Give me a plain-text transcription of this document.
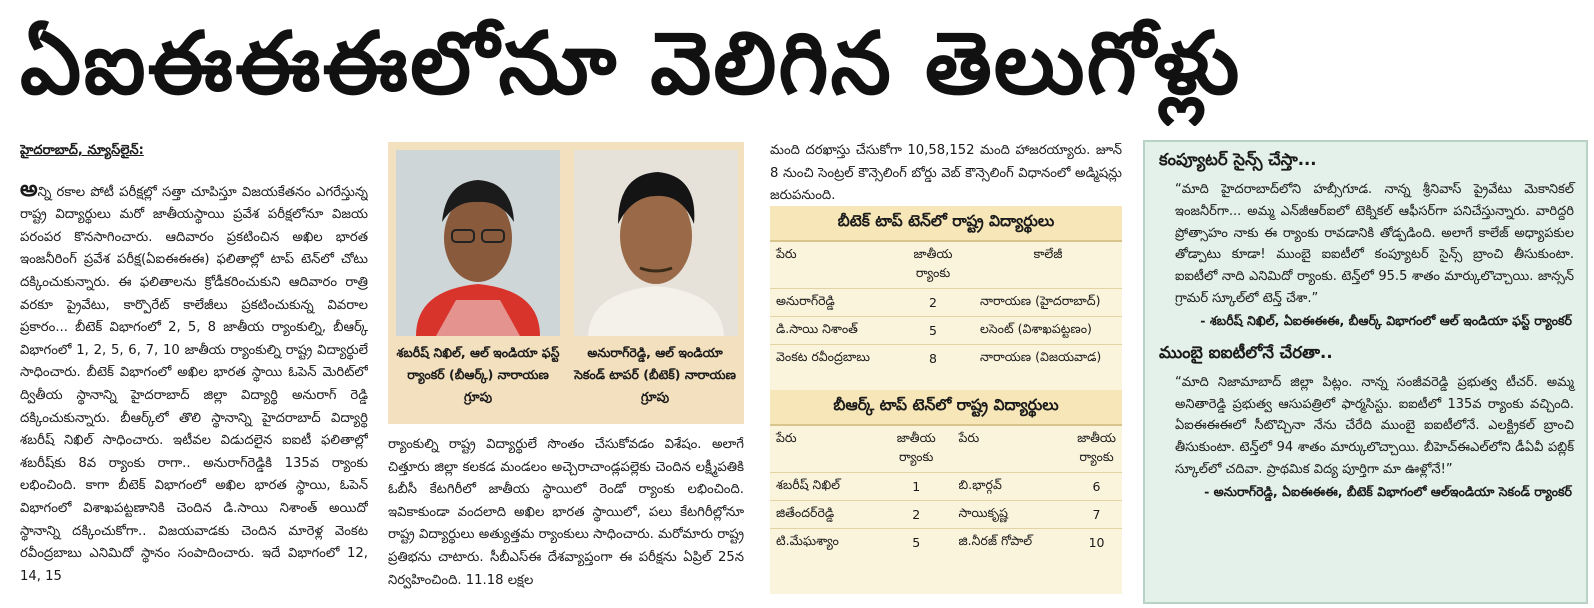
ఏఐఈఈఈలోనూ వెలిగిన తెలుగోళ్లు

హైదరాబాద్, న్యూస్‌లైన్:

అన్ని రకాల పోటీ పరీక్షల్లో సత్తా చూపిస్తూ విజయకేతనం ఎగరేస్తున్న రాష్ట్ర విద్యార్థులు మరో జాతీయస్థాయి ప్రవేశ పరీక్షలోనూ విజయ పరంపర కొనసాగించారు. ఆదివారం ప్రకటించిన అఖిల భారత ఇంజనీరింగ్ ప్రవేశ పరీక్ష(ఏఐఈఈఈ) ఫలితాల్లో టాప్ టెన్‌లో చోటు దక్కించుకున్నారు. ఈ ఫలితాలను క్రోడీకరించుకుని ఆదివారం రాత్రి వరకూ ప్రైవేటు, కార్పొరేట్ కాలేజీలు ప్రకటించుకున్న వివరాల ప్రకారం... బీటెక్ విభాగంలో 2, 5, 8 జాతీయ ర్యాంకుల్ని, బీఆర్క్ విభాగంలో 1, 2, 5, 6, 7, 10 జాతీయ ర్యాంకుల్ని రాష్ట్ర విద్యార్థులే సాధించారు. బీటెక్ విభాగంలో అఖిల భారత స్థాయి ఓపెన్ మెరిట్‌లో ద్వితీయ స్థానాన్ని హైదరాబాద్ జిల్లా విద్యార్థి అనురాగ్ రెడ్డి దక్కించుకున్నారు. బీఆర్క్‌లో తొలి స్థానాన్ని హైదరాబాద్ విద్యార్థి శబరీష్ నిఖిల్ సాధించారు. ఇటీవల విడుదలైన ఐఐటీ ఫలితాల్లో శబరీష్‌కు 8వ ర్యాంకు రాగా.. అనురాగ్‌రెడ్డికి 135వ ర్యాంకు లభించింది. కాగా బీటెక్ విభాగంలో అఖిల భారత స్థాయి, ఓపెన్ విభాగంలో విశాఖపట్టణానికి చెందిన డి.సాయి నిశాంత్ అయిదో స్థానాన్ని దక్కించుకోగా.. విజయవాడకు చెందిన మారెళ్ల వెంకట రవీంద్రబాబు ఎనిమిదో స్థానం సంపాదించారు. ఇదే విభాగంలో 12, 14, 15

శబరీష్ నిఖిల్, ఆల్ ఇండియా ఫస్ట్ ర్యాంకర్ (బీఆర్క్) నారాయణ గ్రూపు
అనురాగ్‌రెడ్డి, ఆల్ ఇండియా సెకండ్ టాపర్ (బీటెక్) నారాయణ గ్రూపు

ర్యాంకుల్ని రాష్ట్ర విద్యార్థులే సొంతం చేసుకోవడం విశేషం. అలాగే చిత్తూరు జిల్లా కలకడ మండలం అచ్చెరాచాండ్లపల్లెకు చెందిన లక్ష్మీపతికి ఓబీసీ కేటగిరీలో జాతీయ స్థాయిలో రెండో ర్యాంకు లభించింది. ఇవికాకుండా వందలాది అఖిల భారత స్థాయిలో, పలు కేటగిరీల్లోనూ రాష్ట్ర విద్యార్థులు అత్యుత్తమ ర్యాంకులు సాధించారు. మరోమారు రాష్ట్ర ప్రతిభను చాటారు. సీబీఎస్ఈ దేశవ్యాప్తంగా ఈ పరీక్షను ఏప్రిల్ 25న నిర్వహించింది. 11.18 లక్షల

మంది దరఖాస్తు చేసుకోగా 10,58,152 మంది హాజరయ్యారు. జూన్ 8 నుంచి సెంట్రల్ కౌన్సెలింగ్ బోర్డు వెబ్ కౌన్సెలింగ్ విధానంలో అడ్మిషన్లు జరుపనుంది.

బీటెక్ టాప్ టెన్‌లో రాష్ట్ర విద్యార్థులు
పేరు	జాతీయ ర్యాంకు	కాలేజీ
అనురాగ్‌రెడ్డి	2	నారాయణ (హైదరాబాద్)
డి.సాయి నిశాంత్	5	లసెంట్ (విశాఖపట్టణం)
వెంకట రవీంద్రబాబు	8	నారాయణ (విజయవాడ)
బీఆర్క్ టాప్ టెన్‌లో రాష్ట్ర విద్యార్థులు
పేరు	జాతీయ ర్యాంకు	పేరు	జాతీయ ర్యాంకు
శబరీష్ నిఖిల్	1	బి.భార్గవ్	6
జితేందర్‌రెడ్డి	2	సాయికృష్ణ	7
టి.మేఘశ్యాం	5	జి.నీరజ్ గోపాల్	10
కంప్యూటర్ సైన్స్ చేస్తా...

“మాది హైదరాబాద్‌లోని హబ్సీగూడ. నాన్న శ్రీనివాస్ ప్రైవేటు మెకానికల్ ఇంజనీర్‌గా... అమ్మ ఎన్‌జీఆర్ఐలో టెక్నికల్ ఆఫీసర్‌గా పనిచేస్తున్నారు. వారిద్దరి ప్రోత్సాహం నాకు ఈ ర్యాంకు రావడానికి తోడ్పడింది. అలాగే కాలేజ్ అధ్యాపకుల తోడ్పాటు కూడా! ముంబై ఐఐటీలో కంప్యూటర్ సైన్స్ బ్రాంచి తీసుకుంటా. ఐఐటీలో నాది ఎనిమిదో ర్యాంకు. టెన్త్‌లో 95.5 శాతం మార్కులొచ్చాయి. జాన్సన్ గ్రామర్ స్కూల్‌లో టెన్త్ చేశా.”

- శబరీష్ నిఖిల్, ఏఐఈఈఈ, బీఆర్క్ విభాగంలో ఆల్ ఇండియా ఫస్ట్ ర్యాంకర్

ముంబై ఐఐటీలోనే చేరతా..

“మాది నిజామాబాద్ జిల్లా పిట్లం. నాన్న సంజీవరెడ్డి ప్రభుత్వ టీచర్. అమ్మ అనితారెడ్డి ప్రభుత్వ ఆసుపత్రిలో ఫార్మసిస్టు. ఐఐటీలో 135వ ర్యాంకు వచ్చింది. ఏఐఈఈఈలో సీటొచ్చినా నేను చేరేది ముంబై ఐఐటీలోనే. ఎలక్ట్రికల్ బ్రాంచి తీసుకుంటా. టెన్త్‌లో 94 శాతం మార్కులొచ్చాయి. బీహెచ్ఈఎల్‌లోని డీఏవీ పబ్లిక్ స్కూల్‌లో చదివా. ప్రాథమిక విద్య పూర్తిగా మా ఊళ్లోనే!”

- అనురాగ్‌రెడ్డి, ఏఐఈఈఈ, బీటెక్ విభాగంలో ఆల్‌ఇండియా సెకండ్ ర్యాంకర్
